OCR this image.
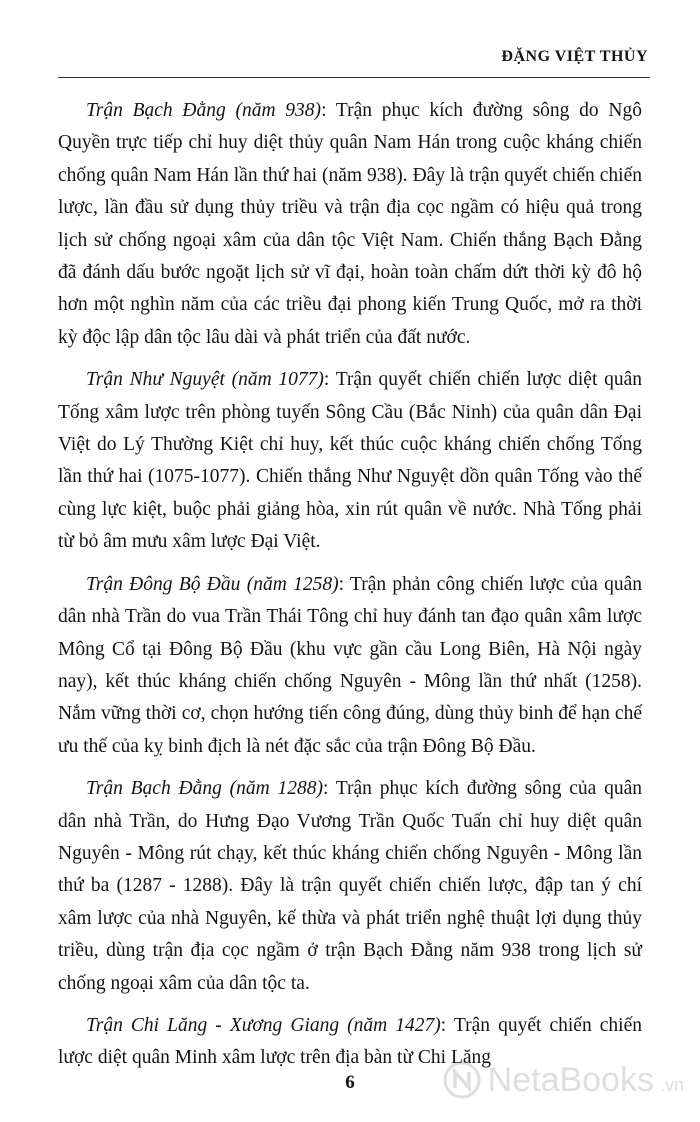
ĐẶNG VIỆT THỦY

Trận Bạch Đằng (năm 938): Trận phục kích đường sông do Ngô Quyền trực tiếp chỉ huy diệt thủy quân Nam Hán trong cuộc kháng chiến chống quân Nam Hán lần thứ hai (năm 938). Đây là trận quyết chiến chiến lược, lần đầu sử dụng thủy triều và trận địa cọc ngầm có hiệu quả trong lịch sử chống ngoại xâm của dân tộc Việt Nam. Chiến thắng Bạch Đằng đã đánh dấu bước ngoặt lịch sử vĩ đại, hoàn toàn chấm dứt thời kỳ đô hộ hơn một nghìn năm của các triều đại phong kiến Trung Quốc, mở ra thời kỳ độc lập dân tộc lâu dài và phát triển của đất nước.

Trận Như Nguyệt (năm 1077): Trận quyết chiến chiến lược diệt quân Tống xâm lược trên phòng tuyến Sông Cầu (Bắc Ninh) của quân dân Đại Việt do Lý Thường Kiệt chỉ huy, kết thúc cuộc kháng chiến chống Tống lần thứ hai (1075-1077). Chiến thắng Như Nguyệt dồn quân Tống vào thế cùng lực kiệt, buộc phải giảng hòa, xin rút quân về nước. Nhà Tống phải từ bỏ âm mưu xâm lược Đại Việt.

Trận Đông Bộ Đầu (năm 1258): Trận phản công chiến lược của quân dân nhà Trần do vua Trần Thái Tông chỉ huy đánh tan đạo quân xâm lược Mông Cổ tại Đông Bộ Đầu (khu vực gần cầu Long Biên, Hà Nội ngày nay), kết thúc kháng chiến chống Nguyên - Mông lần thứ nhất (1258). Nắm vững thời cơ, chọn hướng tiến công đúng, dùng thủy binh để hạn chế ưu thế của kỵ binh địch là nét đặc sắc của trận Đông Bộ Đầu.

Trận Bạch Đằng (năm 1288): Trận phục kích đường sông của quân dân nhà Trần, do Hưng Đạo Vương Trần Quốc Tuấn chỉ huy diệt quân Nguyên - Mông rút chạy, kết thúc kháng chiến chống Nguyên - Mông lần thứ ba (1287 - 1288). Đây là trận quyết chiến chiến lược, đập tan ý chí xâm lược của nhà Nguyên, kế thừa và phát triển nghệ thuật lợi dụng thủy triều, dùng trận địa cọc ngầm ở trận Bạch Đằng năm 938 trong lịch sử chống ngoại xâm của dân tộc ta.

Trận Chi Lăng - Xương Giang (năm 1427): Trận quyết chiến chiến lược diệt quân Minh xâm lược trên địa bàn từ Chi Lăng

6	NetaBooks .vn
